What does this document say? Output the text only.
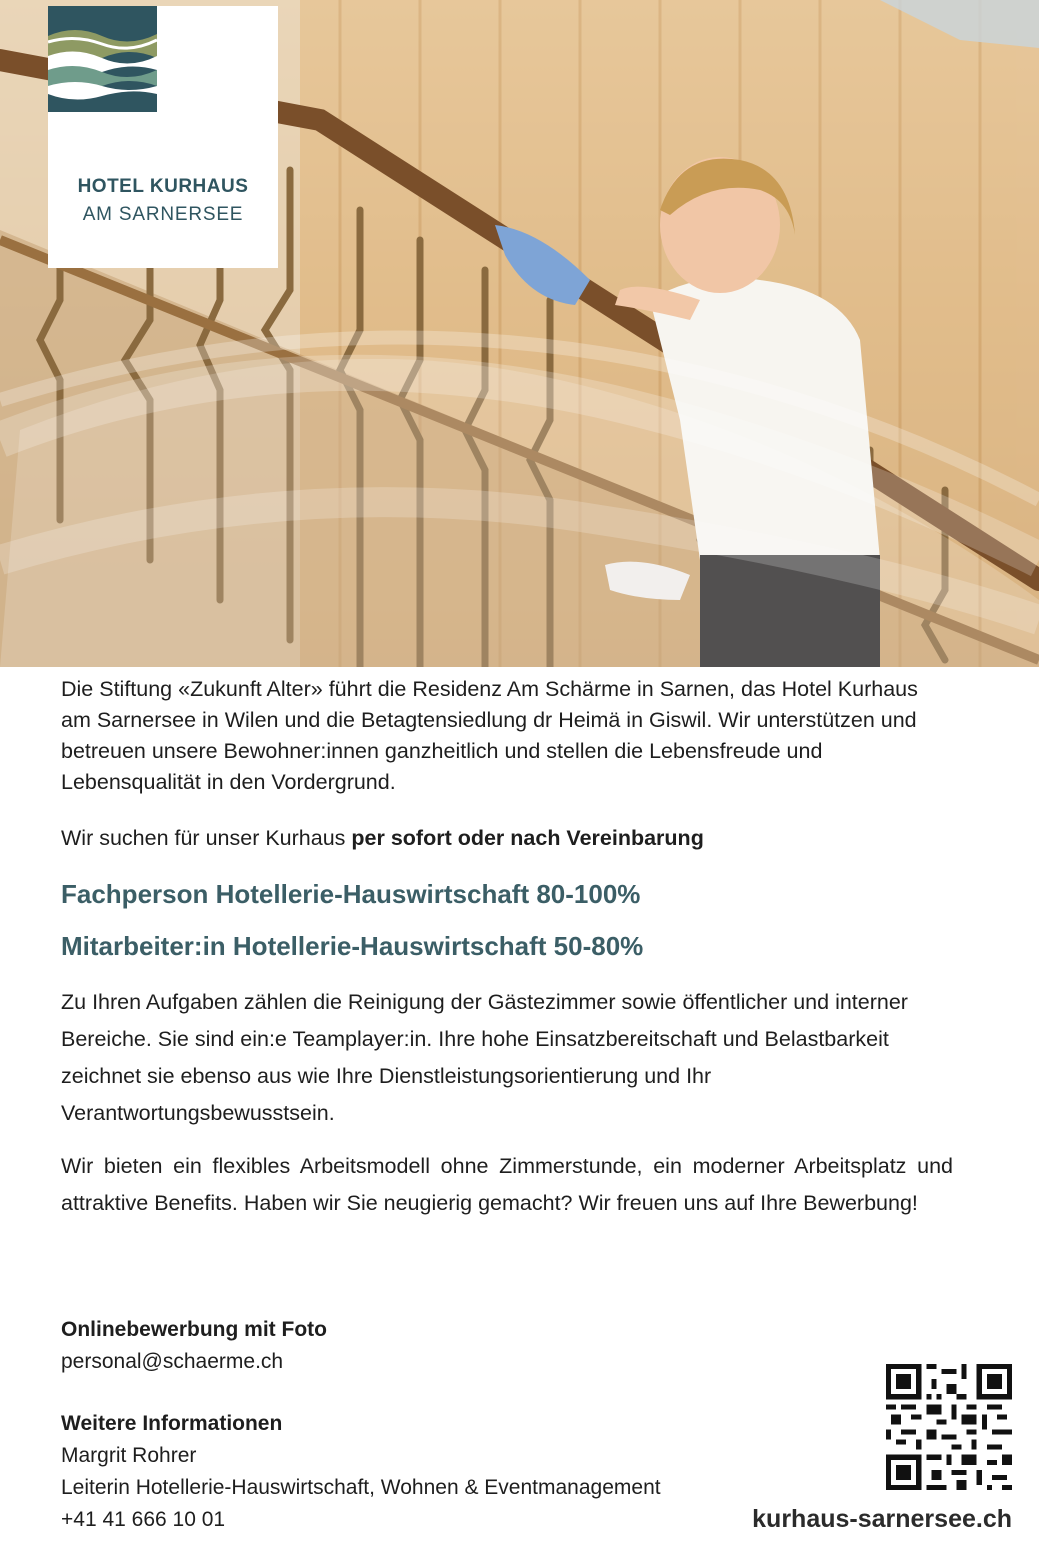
HOTEL KURHAUS
AM SARNERSEE

Die Stiftung «Zukunft Alter» führt die Residenz Am Schärme in Sarnen, das Hotel Kurhaus am Sarnersee in Wilen und die Betagtensiedlung dr Heimä in Giswil. Wir unterstützen und betreuen unsere Bewohner:innen ganzheitlich und stellen die Lebensfreude und Lebensqualität in den Vordergrund.

Wir suchen für unser Kurhaus per sofort oder nach Vereinbarung

Fachperson Hotellerie-Hauswirtschaft 80-100%

Mitarbeiter:in Hotellerie-Hauswirtschaft 50-80%

Zu Ihren Aufgaben zählen die Reinigung der Gästezimmer sowie öffentlicher und interner Bereiche. Sie sind ein:e Teamplayer:in. Ihre hohe Einsatzbereitschaft und Belastbarkeit zeichnet sie ebenso aus wie Ihre Dienstleistungsorientierung und Ihr Verantwortungsbewusstsein.

Wir bieten ein flexibles Arbeitsmodell ohne Zimmerstunde, ein moderner Arbeitsplatz und attraktive Benefits. Haben wir Sie neugierig gemacht? Wir freuen uns auf Ihre Bewerbung!

Onlinebewerbung mit Foto
personal@schaerme.ch
Weitere Informationen
Margrit Rohrer
Leiterin Hotellerie-Hauswirtschaft, Wohnen & Eventmanagement
+41 41 666 10 01	kurhaus-sarnersee.ch
